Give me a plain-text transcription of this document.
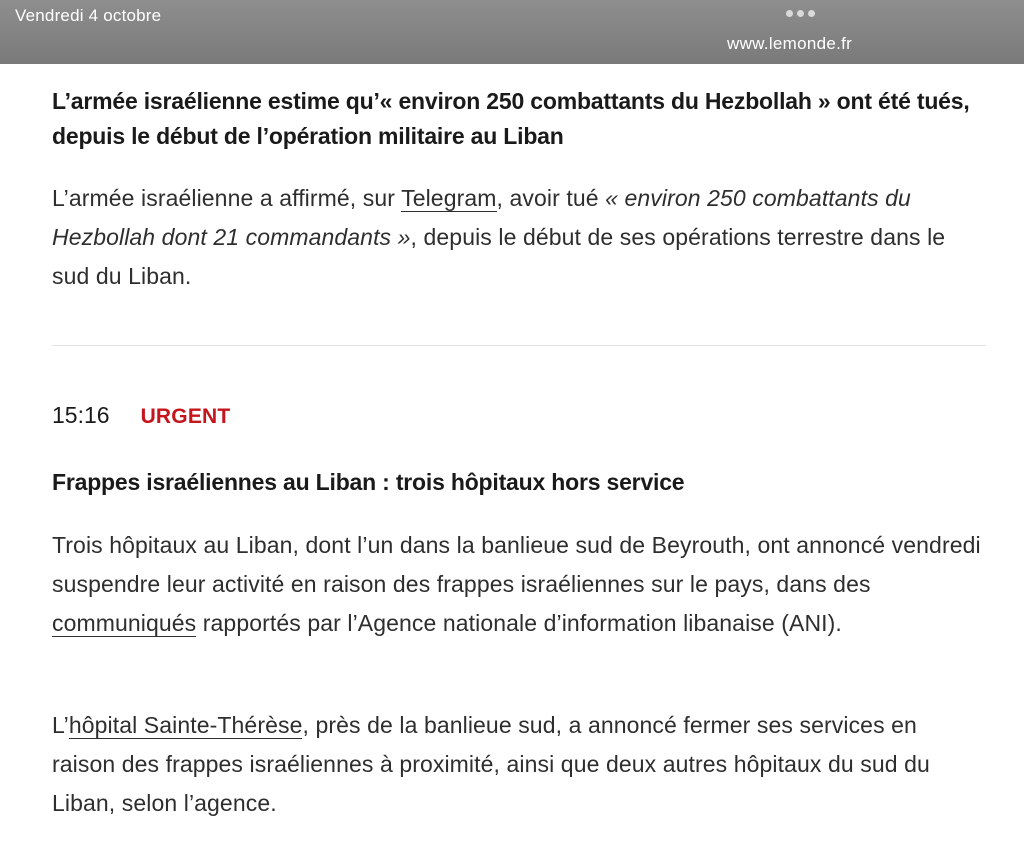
Vendredi 4 octobre
www.lemonde.fr
L’armée israélienne estime qu’« environ 250 combattants du Hezbollah » ont été tués, depuis le début de l’opération militaire au Liban

L’armée israélienne a affirmé, sur Telegram, avoir tué « environ 250 combattants du Hezbollah dont 21 commandants », depuis le début de ses opérations terrestre dans le sud du Liban.

15:16 URGENT
Frappes israéliennes au Liban : trois hôpitaux hors service

Trois hôpitaux au Liban, dont l’un dans la banlieue sud de Beyrouth, ont annoncé vendredi suspendre leur activité en raison des frappes israéliennes sur le pays, dans des communiqués rapportés par l’Agence nationale d’information libanaise (ANI).

L’hôpital Sainte-Thérèse, près de la banlieue sud, a annoncé fermer ses services en raison des frappes israéliennes à proximité, ainsi que deux autres hôpitaux du sud du Liban, selon l’agence.
